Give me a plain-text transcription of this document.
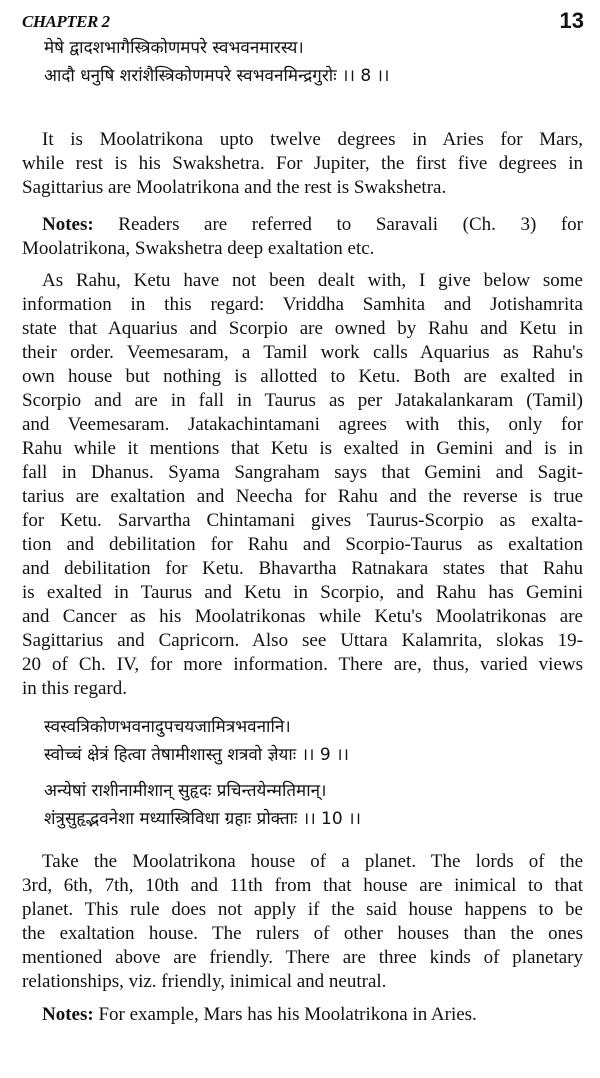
CHAPTER 2	13
मेषे द्वादशभागैस्त्रिकोणमपरे स्वभवनमारस्य।
आदौ धनुषि शरांशैस्त्रिकोणमपरे स्वभवनमिन्द्रगुरोः ।। 8 ।।
It is Moolatrikona upto twelve degrees in Aries for Mars,
while rest is his Swakshetra. For Jupiter, the first five degrees in
Sagittarius are Moolatrikona and the rest is Swakshetra.
Notes: Readers are referred to Saravali (Ch. 3) for
Moolatrikona, Swakshetra deep exaltation etc.
As Rahu, Ketu have not been dealt with, I give below some
information in this regard: Vriddha Samhita and Jotishamrita
state that Aquarius and Scorpio are owned by Rahu and Ketu in
their order. Veemesaram, a Tamil work calls Aquarius as Rahu's
own house but nothing is allotted to Ketu. Both are exalted in
Scorpio and are in fall in Taurus as per Jatakalankaram (Tamil)
and Veemesaram. Jatakachintamani agrees with this, only for
Rahu while it mentions that Ketu is exalted in Gemini and is in
fall in Dhanus. Syama Sangraham says that Gemini and Sagit-
tarius are exaltation and Neecha for Rahu and the reverse is true
for Ketu. Sarvartha Chintamani gives Taurus-Scorpio as exalta-
tion and debilitation for Rahu and Scorpio-Taurus as exaltation
and debilitation for Ketu. Bhavartha Ratnakara states that Rahu
is exalted in Taurus and Ketu in Scorpio, and Rahu has Gemini
and Cancer as his Moolatrikonas while Ketu's Moolatrikonas are
Sagittarius and Capricorn. Also see Uttara Kalamrita, slokas 19-
20 of Ch. IV, for more information. There are, thus, varied views
in this regard.
स्वस्वत्रिकोणभवनादुपचयजामित्रभवनानि।
स्वोच्चं क्षेत्रं हित्वा तेषामीशास्तु शत्रवो ज्ञेयाः ।। 9 ।।
अन्येषां राशीनामीशान् सुहृदः प्रचिन्तयेन्मतिमान्।
शंत्रुसुहृद्भवनेशा मध्यास्त्रिविधा ग्रहाः प्रोक्ताः ।। 10 ।।
Take the Moolatrikona house of a planet. The lords of the
3rd, 6th, 7th, 10th and 11th from that house are inimical to that
planet. This rule does not apply if the said house happens to be
the exaltation house. The rulers of other houses than the ones
mentioned above are friendly. There are three kinds of planetary
relationships, viz. friendly, inimical and neutral.
Notes: For example, Mars has his Moolatrikona in Aries.
